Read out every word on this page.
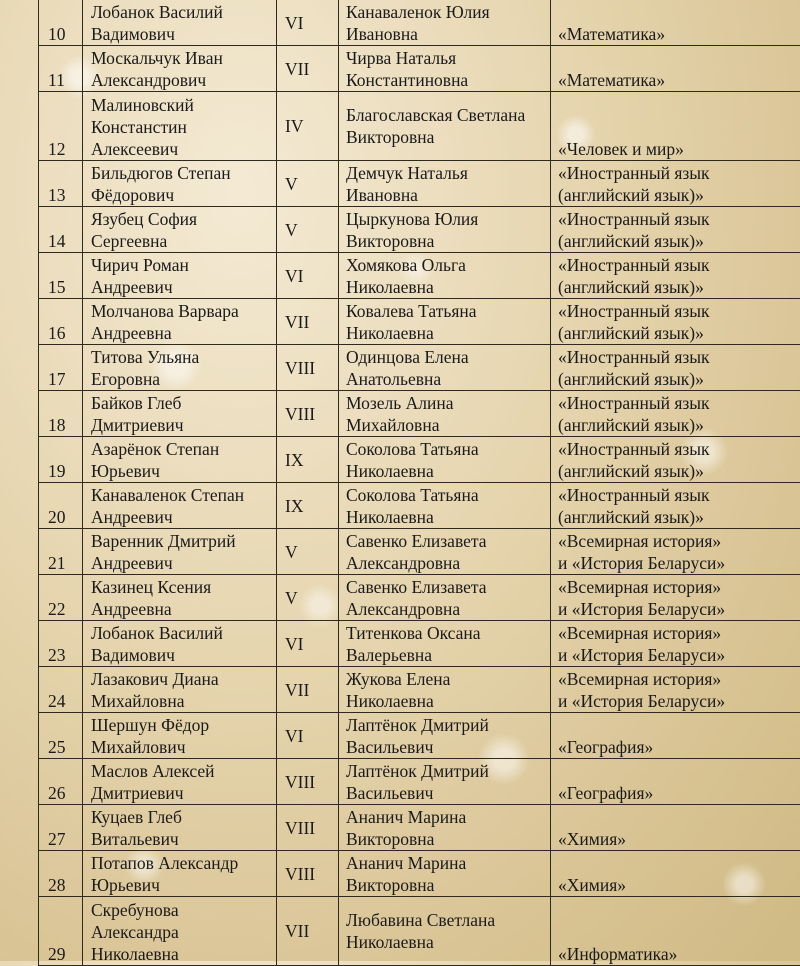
10	Лобанок Василий
Вадимович	VI	Канаваленок Юлия
Ивановна	«Математика»

11	Москальчук Иван
Александрович	VII	Чирва Наталья
Константиновна	«Математика»

12	Малиновский
Констанстин
Алексеевич	IV	Благославская Светлана
Викторовна	«Человек и мир»

13	Бильдюгов Степан
Фёдорович	V	Демчук Наталья
Ивановна	«Иностранный язык
(английский язык)»

14	Язубец София
Сергеевна	V	Цыркунова Юлия
Викторовна	«Иностранный язык
(английский язык)»

15	Чирич Роман
Андреевич	VI	Хомякова Ольга
Николаевна	«Иностранный язык
(английский язык)»

16	Молчанова Варвара
Андреевна	VII	Ковалева Татьяна
Николаевна	«Иностранный язык
(английский язык)»

17	Титова Ульяна
Егоровна	VIII	Одинцова Елена
Анатольевна	«Иностранный язык
(английский язык)»

18	Байков Глеб
Дмитриевич	VIII	Мозель Алина
Михайловна	«Иностранный язык
(английский язык)»

19	Азарёнок Степан
Юрьевич	IX	Соколова Татьяна
Николаевна	«Иностранный язык
(английский язык)»

20	Канаваленок Степан
Андреевич	IX	Соколова Татьяна
Николаевна	«Иностранный язык
(английский язык)»

21	Варенник Дмитрий
Андреевич	V	Савенко Елизавета
Александровна	«Всемирная история»
и «История Беларуси»

22	Казинец Ксения
Андреевна	V	Савенко Елизавета
Александровна	«Всемирная история»
и «История Беларуси»

23	Лобанок Василий
Вадимович	VI	Титенкова Оксана
Валерьевна	«Всемирная история»
и «История Беларуси»

24	Лазакович Диана
Михайловна	VII	Жукова Елена
Николаевна	«Всемирная история»
и «История Беларуси»

25	Шершун Фёдор
Михайлович	VI	Лаптёнок Дмитрий
Васильевич	«География»

26	Маслов Алексей
Дмитриевич	VIII	Лаптёнок Дмитрий
Васильевич	«География»

27	Куцаев Глеб
Витальевич	VIII	Ананич Марина
Викторовна	«Химия»

28	Потапов Александр
Юрьевич	VIII	Ананич Марина
Викторовна	«Химия»

29	Скребунова
Александра
Николаевна	VII	Любавина Светлана
Николаевна	«Информатика»
